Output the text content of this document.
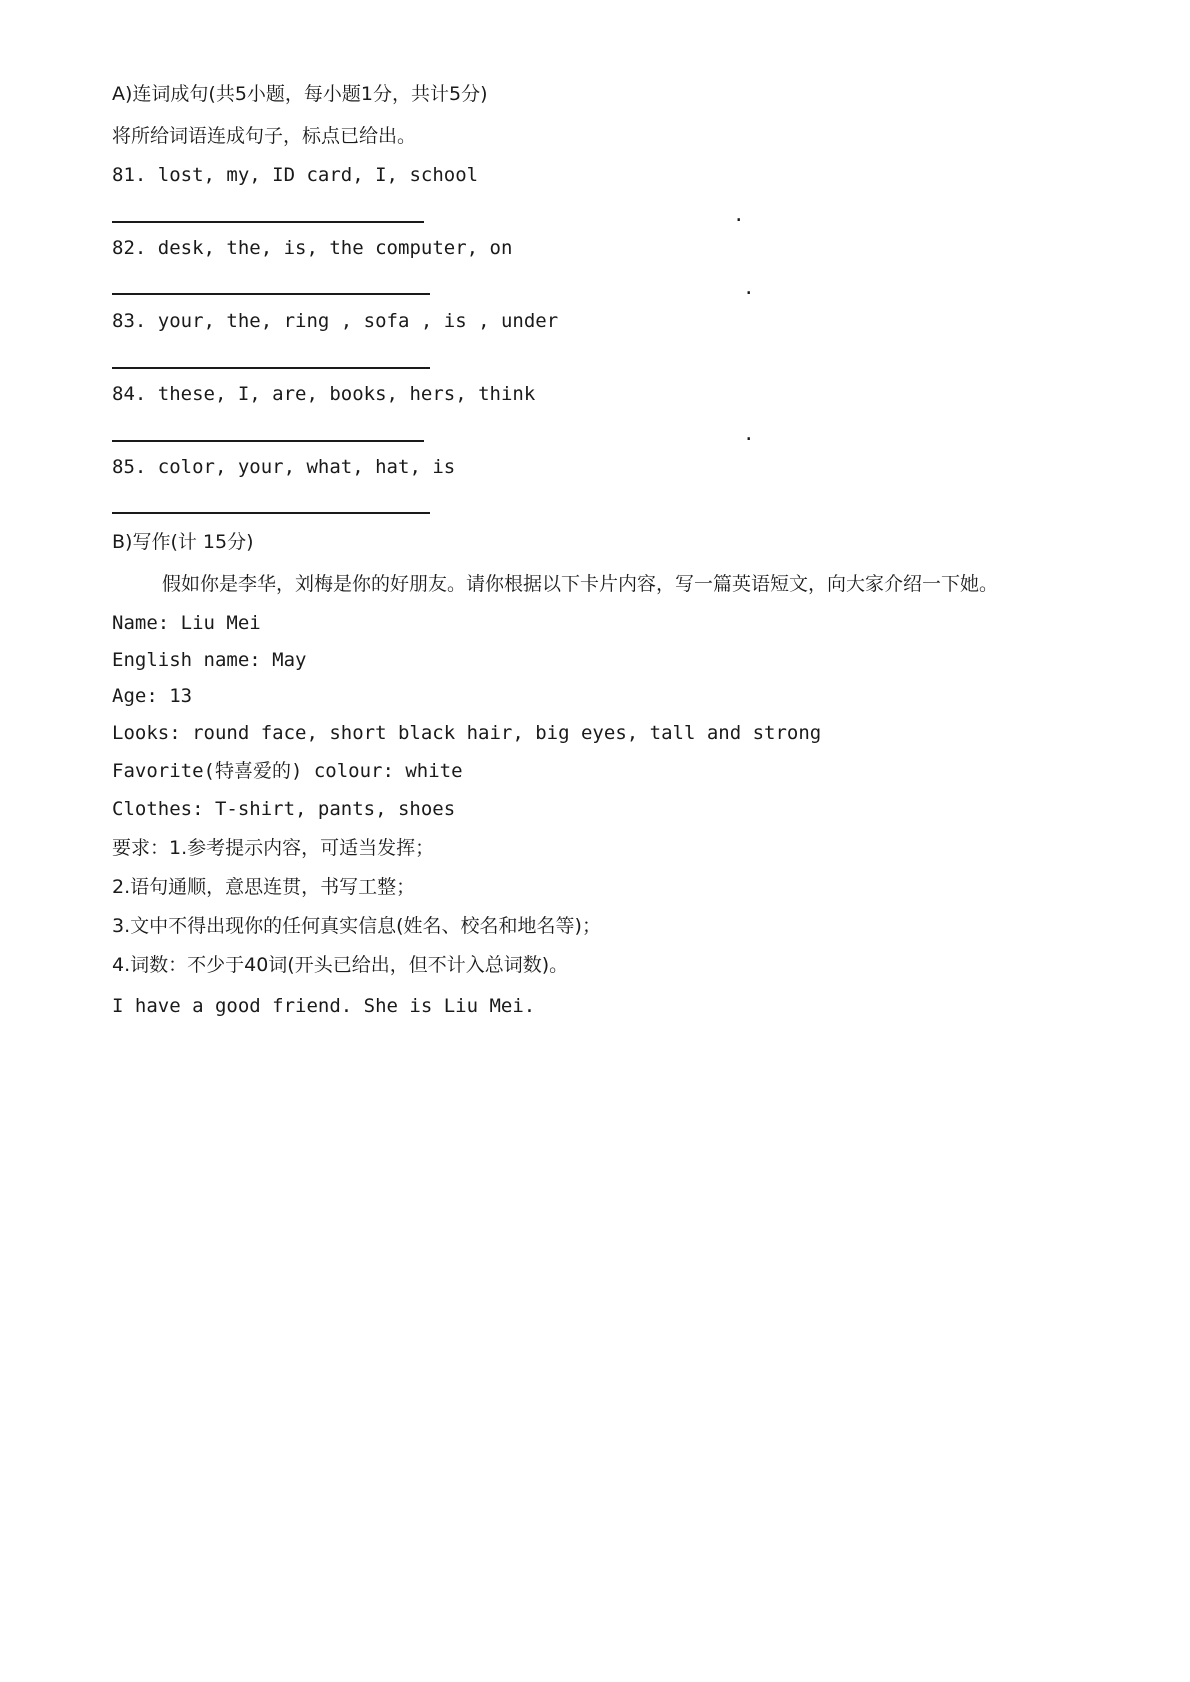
A)连词成句(共5小题，每小题1分，共计5分)
将所给词语连成句子，标点已给出。
81. lost, my, ID card, I, school
.
82. desk, the, is, the computer, on
.
83. your, the, ring , sofa , is , under
84. these, I, are, books, hers, think
.
85. color, your, what, hat, is
B)写作(计 15分)
假如你是李华，刘梅是你的好朋友。请你根据以下卡片内容，写一篇英语短文，向大家介绍一下她。
Name: Liu Mei
English name: May
Age: 13
Looks: round face, short black hair, big eyes, tall and strong
Favorite(特喜爱的) colour: white
Clothes: T-shirt, pants, shoes
要求：1.参考提示内容，可适当发挥；
2.语句通顺，意思连贯，书写工整；
3.文中不得出现你的任何真实信息(姓名、校名和地名等)；
4.词数：不少于40词(开头已给出，但不计入总词数)。
I have a good friend. She is Liu Mei.
